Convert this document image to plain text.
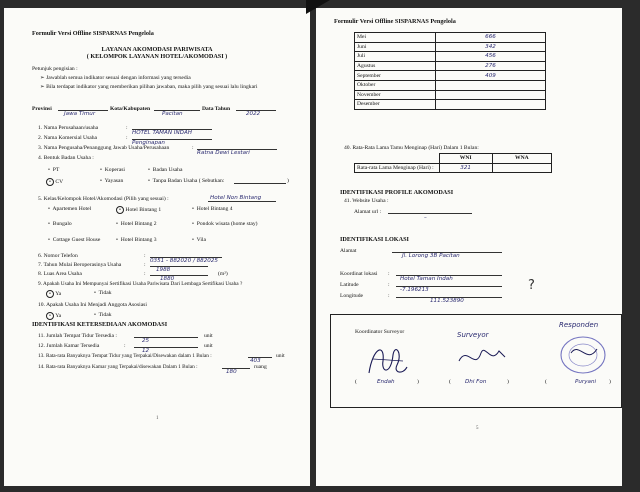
Formulir Versi Offline SISPARNAS Pengelola
LAYANAN AKOMODASI PARIWISATA
( KELOMPOK LAYANAN HOTEL/AKOMODASI )
Petunjuk pengisian :
➢ Jawablah semua indikator sesuai dengan informasi yang tersedia
➢ Bila terdapat indikator yang memberikan pilihan jawaban, maka pilih yang sesuai lalu lingkari
Provinsi
Jawa Timur
Kota/Kabupaten
Pacitan
Data Tahun
2022
1. Nama Perusahaan/usaha	:
HOTEL TAMAN INDAH
2. Nama Komersial Usaha	:
Penginapan
3. Nama Pengusaha/Penanggung Jawab Usaha/Perusahaan	:
Ratna Dewi Lestari
4. Bentuk Badan Usaha :
•  PT	•  Koperasi	•  Badan Usaha
• CV	•  Yayasan	•  Tanpa Badan Usaha ( Sebutkan:	)
5. Kelas/Kelompok Hotel/Akomodasi (Pilih yang sesuai) :	Hotel Non Bintang
•  Apartemen Hotel	• Hotel Bintang 1	•  Hotel Bintang 4
•  Bungalo	•  Hotel Bintang 2	•  Pondok wisata (home stay)
•  Cottage Guest House	•  Hotel Bintang 3	•  Vila
6. Nomor Telefon	:
0351 - 882020 / 882025
7. Tahun Mulai Beroperasinya Usaha	:
1988
8. Luas Area Usaha	:
1880
(m²)
9. Apakah Usaha Ini Mempunyai Sertifikasi Usaha Pariwisata Dari Lembaga Sertifikasi Usaha ?
• Ya	•  Tidak
10. Apakah Usaha Ini Menjadi Anggota Asosiasi
• Ya	•  Tidak
IDENTIFIKASI KETERSEDIAAN AKOMODASI
11. Jumlah Tempat Tidur Tersedia :
25
unit
12. Jumlah Kamar Tersedia	:
12
unit
13. Rata-rata Banyaknya Tempat Tidur yang Terpakai/Disewakan dalam 1 Bulan :
403
unit
14. Rata-rata Banyaknya Kamar yang Terpakai/disewakan Dalam 1 Bulan :
180
ruang
1
Formulir Versi Offline SISPARNAS Pengelola
Mei	666
Juni	342
Juli	456
Agustus	276
September	409
Oktober	
November	
Desember	
40. Rata-Rata Lama Tamu Menginap (Hari) Dalam 1 Bulan:
	WNI	WNA
Rata-rata Lama Menginap (Hari) :	321	
IDENTIFIKASI PROFILE AKOMODASI
41. Website Usaha :
Alamat url :
–
IDENTIFIKASI LOKASI
Alamat
Jl. Lorong 3B Pacitan
Koordinat lokasi :
Hotel Taman Indah
Latitude	:
-7.196213
Longitude	:
111.523890
?
Koordinator Surveyor
(	Endah	)
Surveyor
(	Dhi Fon	)
Responden
(	Puryani )
5
